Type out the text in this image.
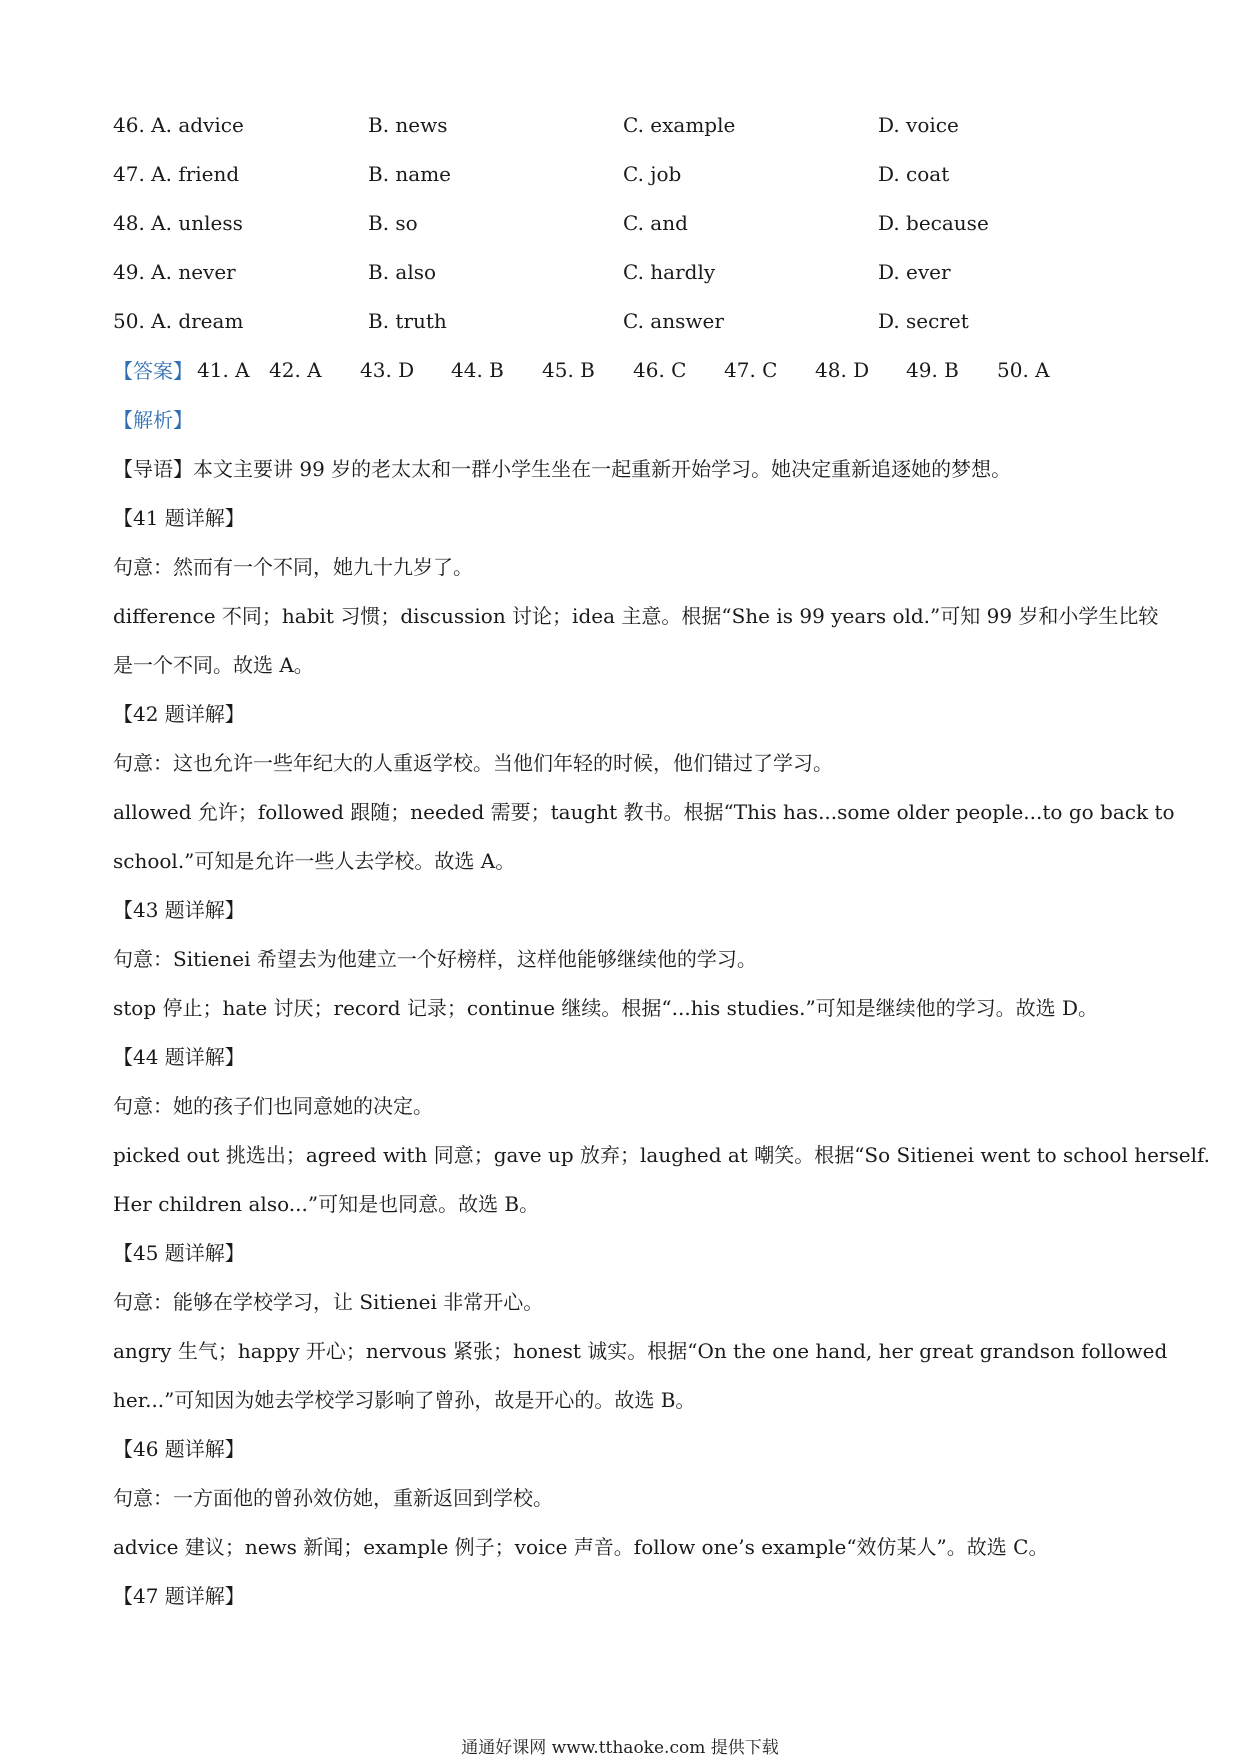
46. A. advice	B. news	C. example	D. voice
47. A. friend	B. name	C. job	D. coat
48. A. unless	B. so	C. and	D. because
49. A. never	B. also	C. hardly	D. ever
50. A. dream	B. truth	C. answer	D. secret
【答案】 41. A 42. A	43. D	44. B	45. B	46. C	47. C	48. D	49. B	50. A
【解析】
【导语】本文主要讲 99 岁的老太太和一群小学生坐在一起重新开始学习。她决定重新追逐她的梦想。
【41 题详解】
句意：然而有一个不同，她九十九岁了。
difference 不同；habit 习惯；discussion 讨论；idea 主意。根据“She is 99 years old.”可知 99 岁和小学生比较
是一个不同。故选 A。
【42 题详解】
句意：这也允许一些年纪大的人重返学校。当他们年轻的时候，他们错过了学习。
allowed 允许；followed 跟随；needed 需要；taught 教书。根据“This has...some older people...to go back to
school.”可知是允许一些人去学校。故选 A。
【43 题详解】
句意：Sitienei 希望去为他建立一个好榜样，这样他能够继续他的学习。
stop 停止；hate 讨厌；record 记录；continue 继续。根据“...his studies.”可知是继续他的学习。故选 D。
【44 题详解】
句意：她的孩子们也同意她的决定。
picked out 挑选出；agreed with 同意；gave up 放弃；laughed at 嘲笑。根据“So Sitienei went to school herself.
Her children also...”可知是也同意。故选 B。
【45 题详解】
句意：能够在学校学习，让 Sitienei 非常开心。
angry 生气；happy 开心；nervous 紧张；honest 诚实。根据“On the one hand, her great grandson followed
her...”可知因为她去学校学习影响了曾孙，故是开心的。故选 B。
【46 题详解】
句意：一方面他的曾孙效仿她，重新返回到学校。
advice 建议；news 新闻；example 例子；voice 声音。follow one’s example“效仿某人”。故选 C。
【47 题详解】
通通好课网 www.tthaoke.com 提供下载
